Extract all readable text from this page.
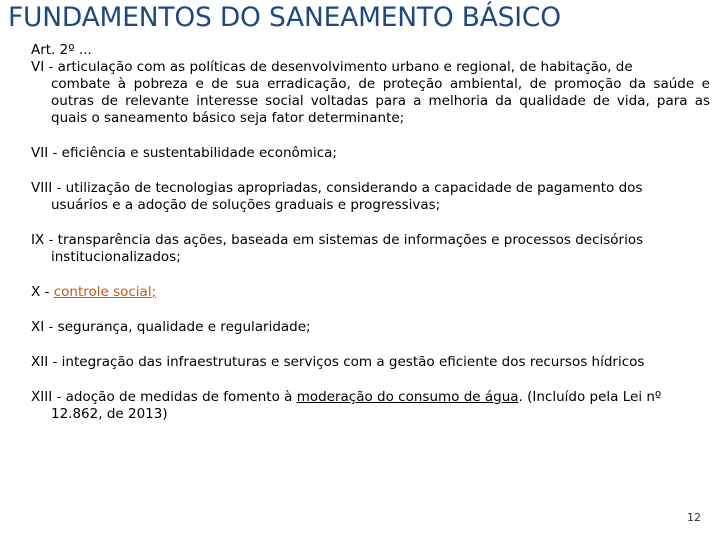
FUNDAMENTOS DO SANEAMENTO BÁSICO

Art. 2º ...

VI - articulação com as políticas de desenvolvimento urbano e regional, de habitação, de
combate à pobreza e de sua erradicação, de proteção ambiental, de promoção da saúde e outras de relevante interesse social voltadas para a melhoria da qualidade de vida, para as quais o saneamento básico seja fator determinante;

VII - eficiência e sustentabilidade econômica;

VIII - utilização de tecnologias apropriadas, considerando a capacidade de pagamento dos
usuários e a adoção de soluções graduais e progressivas;

IX - transparência das ações, baseada em sistemas de informações e processos decisórios
institucionalizados;

X - controle social;

XI - segurança, qualidade e regularidade;

XII - integração das infraestruturas e serviços com a gestão eficiente dos recursos hídricos

XIII - adoção de medidas de fomento à moderação do consumo de água. (Incluído pela Lei nº
12.862, de 2013)

12
